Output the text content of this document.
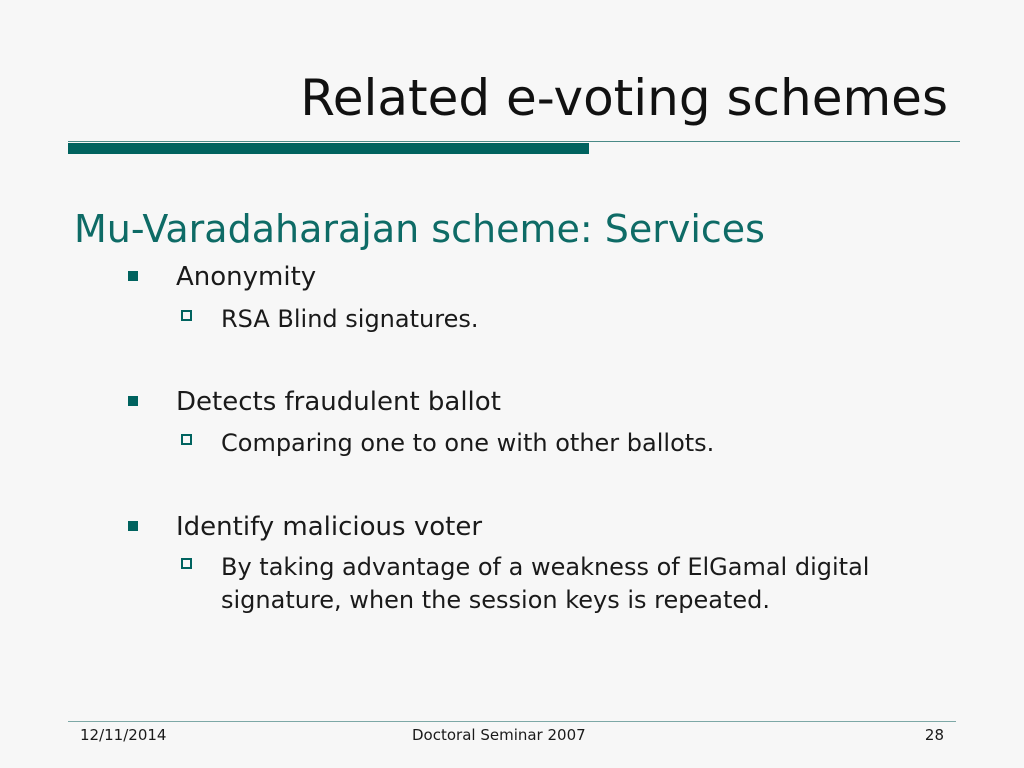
Related e-voting schemes
Mu-Varadaharajan scheme: Services
Anonymity
RSA Blind signatures.
Detects fraudulent ballot
Comparing one to one with other ballots.
Identify malicious voter
By taking advantage of a weakness of ElGamal digital signature, when the session keys is repeated.
12/11/2014	Doctoral Seminar 2007	28
